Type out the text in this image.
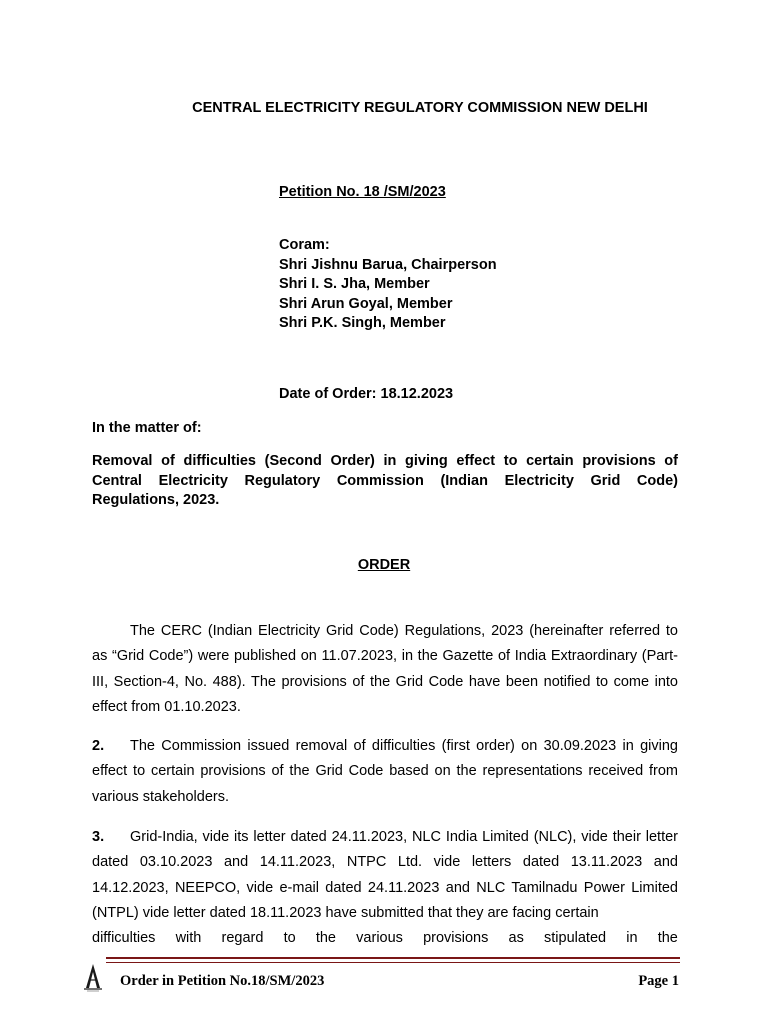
CENTRAL ELECTRICITY REGULATORY COMMISSION NEW DELHI
Petition No. 18 /SM/2023
Coram:
Shri Jishnu Barua, Chairperson
Shri I. S. Jha, Member
Shri Arun Goyal, Member
Shri P.K. Singh, Member
Date of Order: 18.12.2023
In the matter of:
Removal of difficulties (Second Order) in giving effect to certain provisions of Central Electricity Regulatory Commission (Indian Electricity Grid Code) Regulations, 2023.
ORDER
The CERC (Indian Electricity Grid Code) Regulations, 2023 (hereinafter referred to as “Grid Code”) were published on 11.07.2023, in the Gazette of India Extraordinary (Part-III, Section-4, No. 488). The provisions of the Grid Code have been notified to come into effect from 01.10.2023.
2. The Commission issued removal of difficulties (first order) on 30.09.2023 in giving effect to certain provisions of the Grid Code based on the representations received from various stakeholders.
3. Grid-India, vide its letter dated 24.11.2023, NLC India Limited (NLC), vide their letter dated 03.10.2023 and 14.11.2023, NTPC Ltd. vide letters dated 13.11.2023 and 14.12.2023, NEEPCO, vide e-mail dated 24.11.2023 and NLC Tamilnadu Power Limited (NTPL) vide letter dated 18.11.2023 have submitted that they are facing certain
difficulties with regard to the various provisions as stipulated in the
Order in Petition No.18/SM/2023	Page 1
